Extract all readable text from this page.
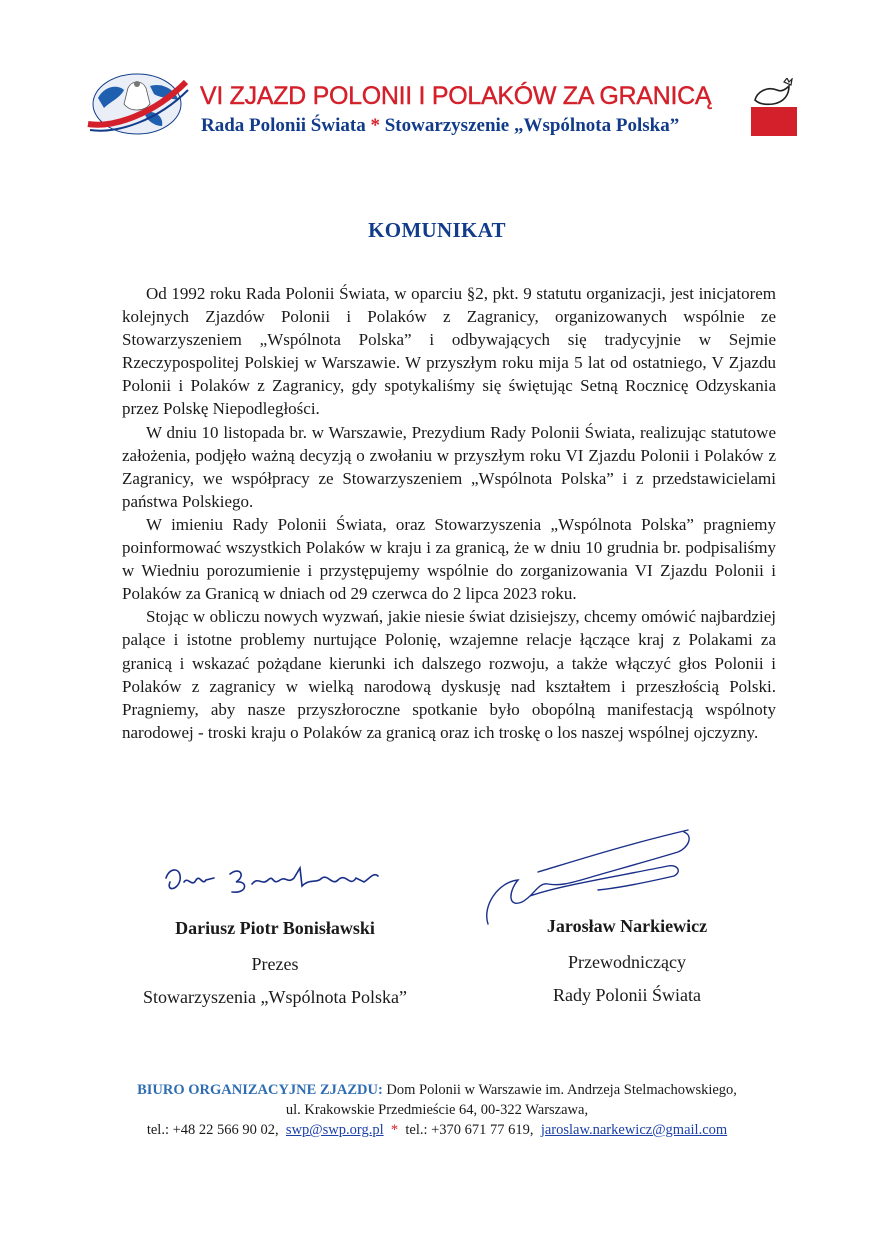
VI ZJAZD POLONII I POLAKÓW ZA GRANICĄ
Rada Polonii Świata * Stowarzyszenie „Wspólnota Polska”
KOMUNIKAT

Od 1992 roku Rada Polonii Świata, w oparciu §2, pkt. 9 statutu organizacji, jest inicjatorem kolejnych Zjazdów Polonii i Polaków z Zagranicy, organizowanych wspólnie ze Stowarzyszeniem „Wspólnota Polska” i odbywających się tradycyjnie w Sejmie Rzeczypospolitej Polskiej w Warszawie. W przyszłym roku mija 5 lat od ostatniego, V Zjazdu Polonii i Polaków z Zagranicy, gdy spotykaliśmy się świętując Setną Rocznicę Odzyskania przez Polskę Niepodległości.

W dniu 10 listopada br. w Warszawie, Prezydium Rady Polonii Świata, realizując statutowe założenia, podjęło ważną decyzją o zwołaniu w przyszłym roku VI Zjazdu Polonii i Polaków z Zagranicy, we współpracy ze Stowarzyszeniem „Wspólnota Polska” i z przedstawicielami państwa Polskiego.

W imieniu Rady Polonii Świata, oraz Stowarzyszenia „Wspólnota Polska” pragniemy poinformować wszystkich Polaków w kraju i za granicą, że w dniu 10 grudnia br. podpisaliśmy w Wiedniu porozumienie i przystępujemy wspólnie do zorganizowania VI Zjazdu Polonii i Polaków za Granicą w dniach od 29 czerwca do 2 lipca 2023 roku.

Stojąc w obliczu nowych wyzwań, jakie niesie świat dzisiejszy, chcemy omówić najbardziej palące i istotne problemy nurtujące Polonię, wzajemne relacje łączące kraj z Polakami za granicą i wskazać pożądane kierunki ich dalszego rozwoju, a także włączyć głos Polonii i Polaków z zagranicy w wielką narodową dyskusję nad kształtem i przeszłością Polski. Pragniemy, aby nasze przyszłoroczne spotkanie było obopólną manifestacją wspólnoty narodowej - troski kraju o Polaków za granicą oraz ich troskę o los naszej wspólnej ojczyzny.

Dariusz Piotr Bonisławski
Prezes
Stowarzyszenia „Wspólnota Polska”
Jarosław Narkiewicz
Przewodniczący
Rady Polonii Świata
BIURO ORGANIZACYJNE ZJAZDU: Dom Polonii w Warszawie im. Andrzeja Stelmachowskiego,
ul. Krakowskie Przedmieście 64, 00-322 Warszawa,
tel.: +48 22 566 90 02, swp@swp.org.pl * tel.: +370 671 77 619, jaroslaw.narkewicz@gmail.com
